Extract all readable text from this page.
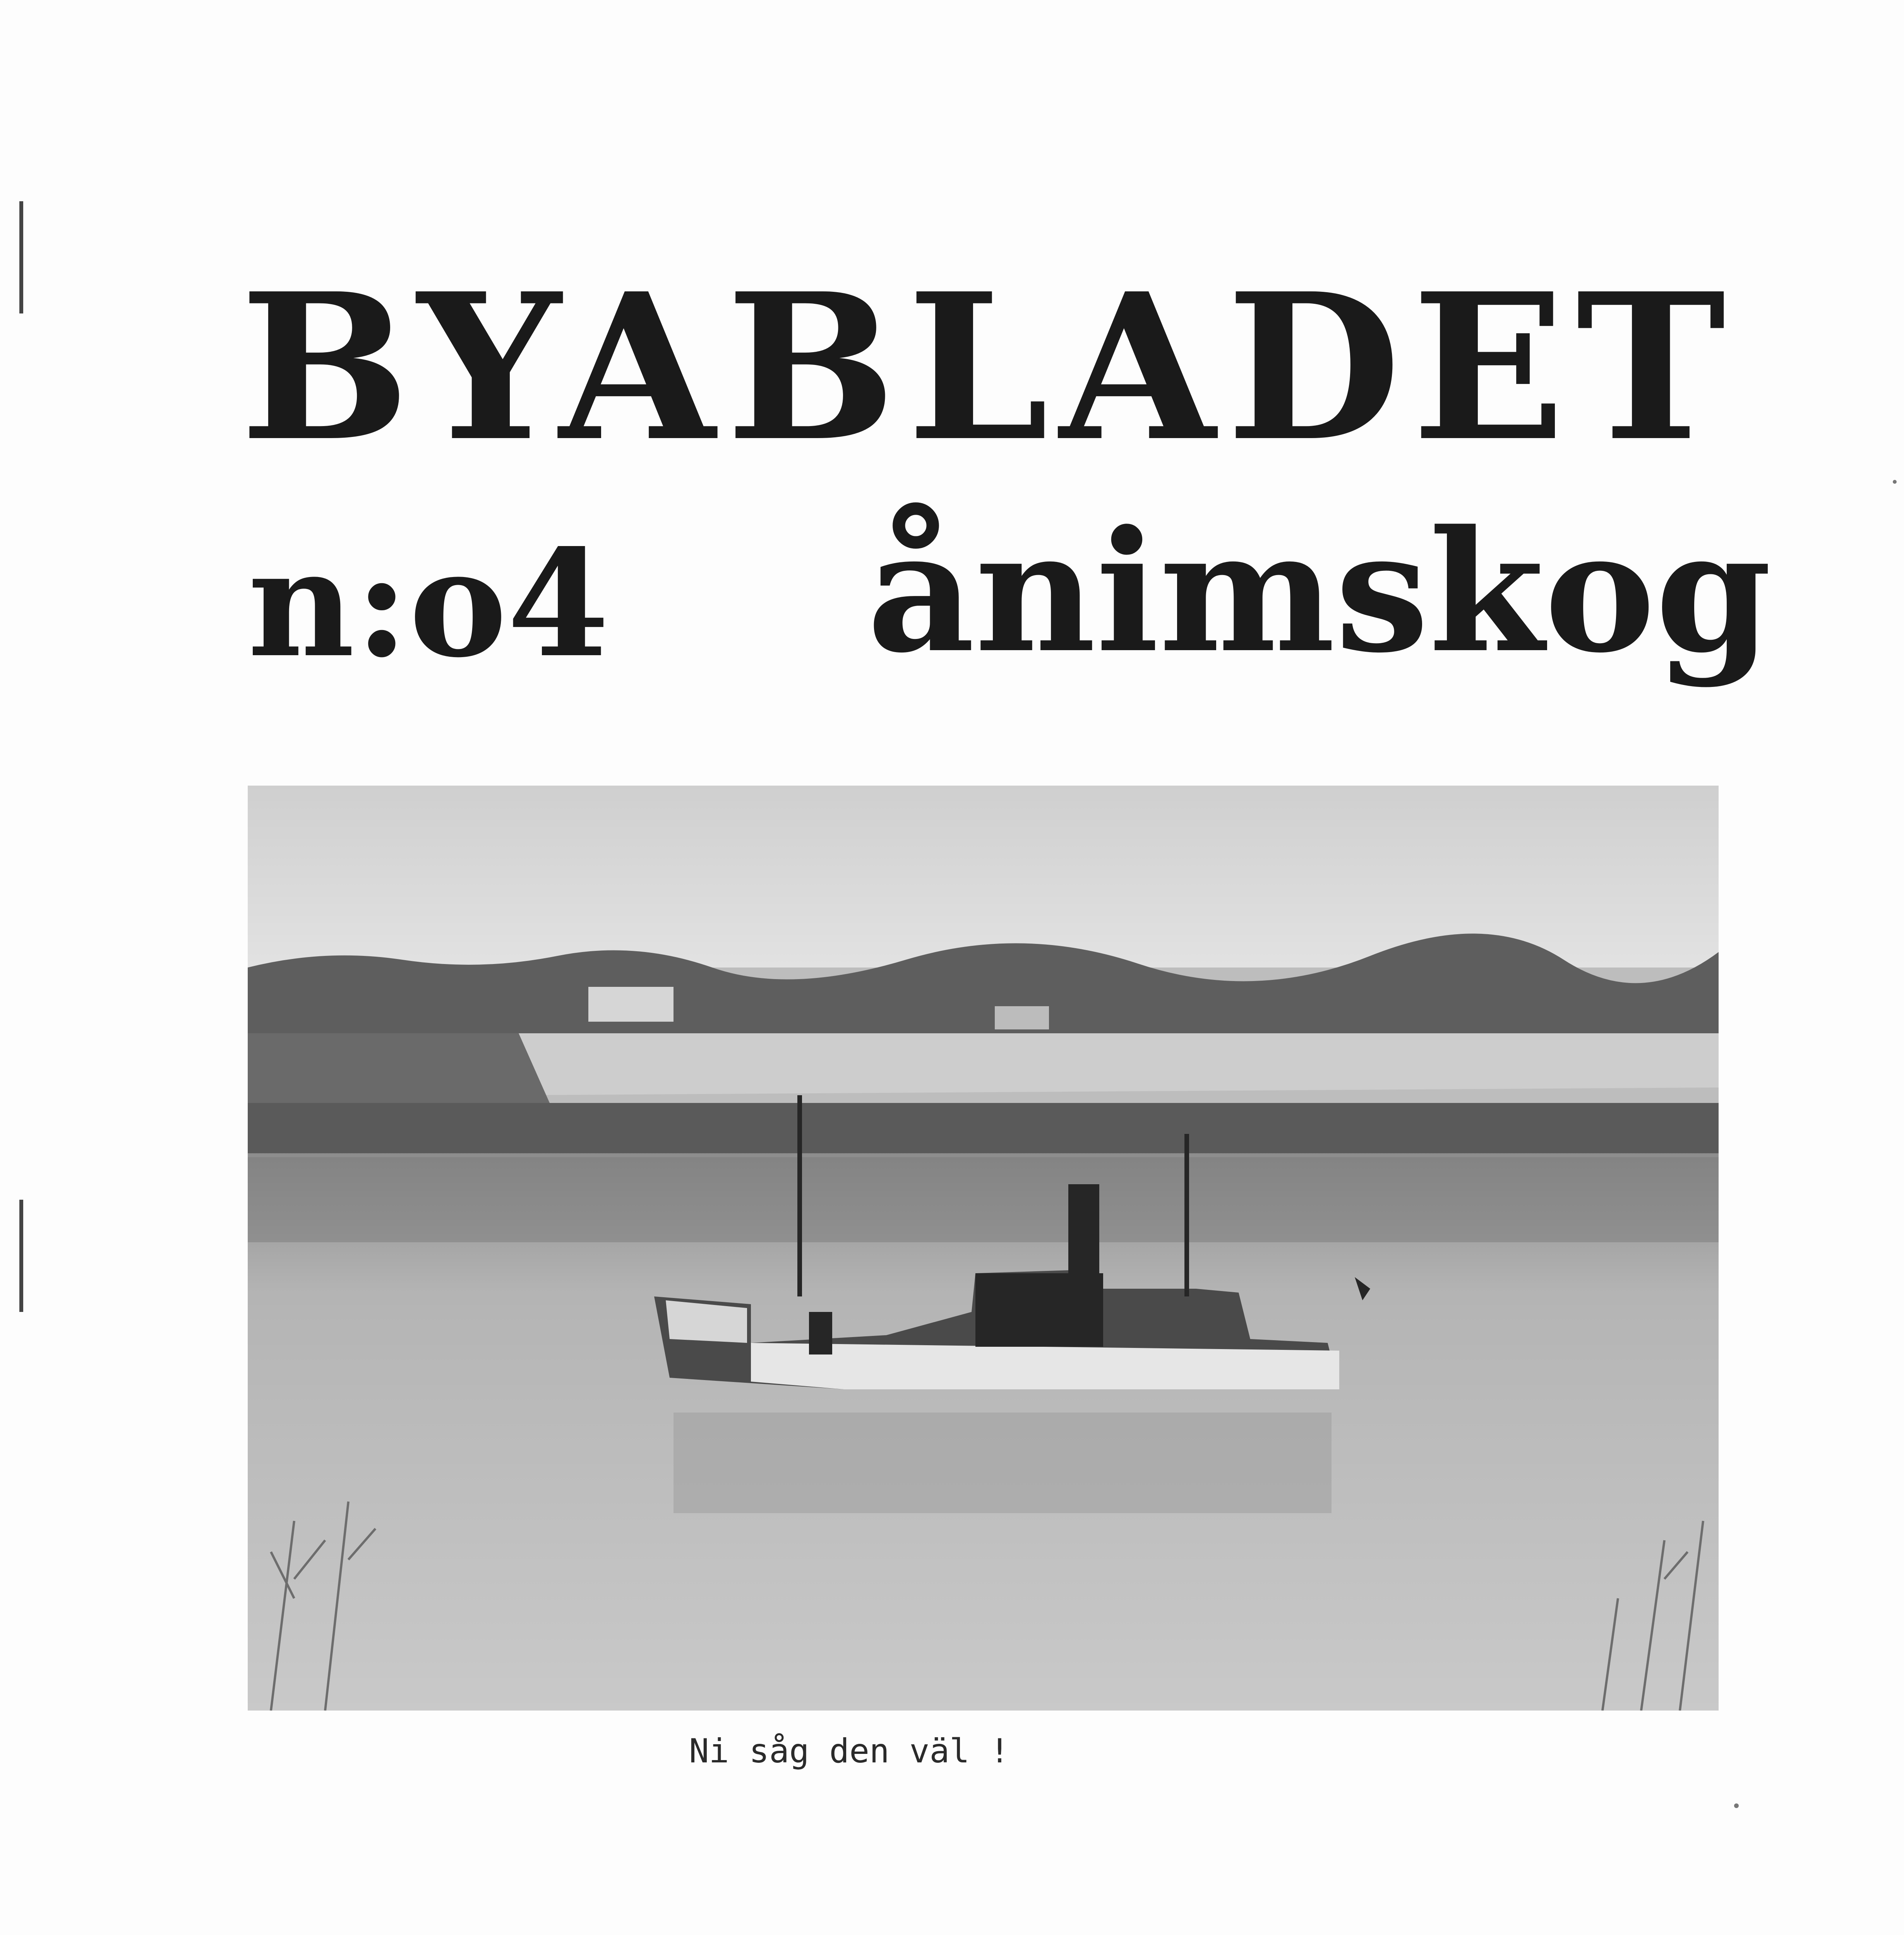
BYABLADET
n:o4 ånimskog
Ni såg den väl !
